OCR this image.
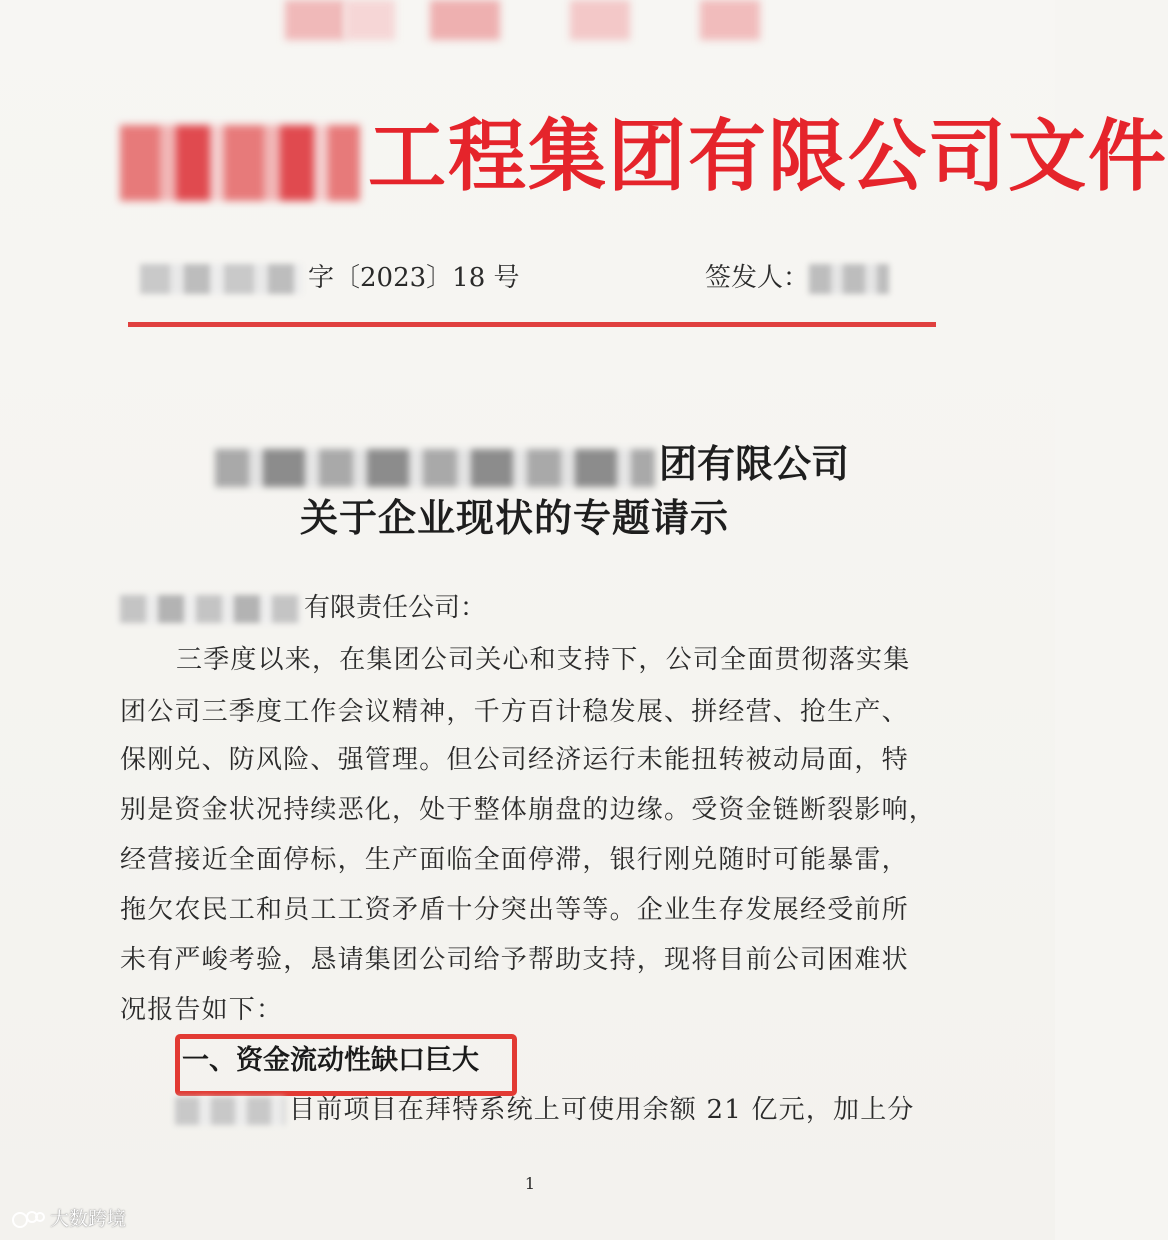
工程集团有限公司文件
字〔2023〕18 号	签发人：
团有限公司
关于企业现状的专题请示
有限责任公司：
三季度以来，在集团公司关心和支持下，公司全面贯彻落实集
团公司三季度工作会议精神，千方百计稳发展、拼经营、抢生产、
保刚兑、防风险、强管理。但公司经济运行未能扭转被动局面，特
别是资金状况持续恶化，处于整体崩盘的边缘。受资金链断裂影响，
经营接近全面停标，生产面临全面停滞，银行刚兑随时可能暴雷，
拖欠农民工和员工工资矛盾十分突出等等。企业生存发展经受前所
未有严峻考验，恳请集团公司给予帮助支持，现将目前公司困难状
况报告如下：
一、资金流动性缺口巨大
目前项目在拜特系统上可使用余额 21 亿元，加上分
1
大数跨境
